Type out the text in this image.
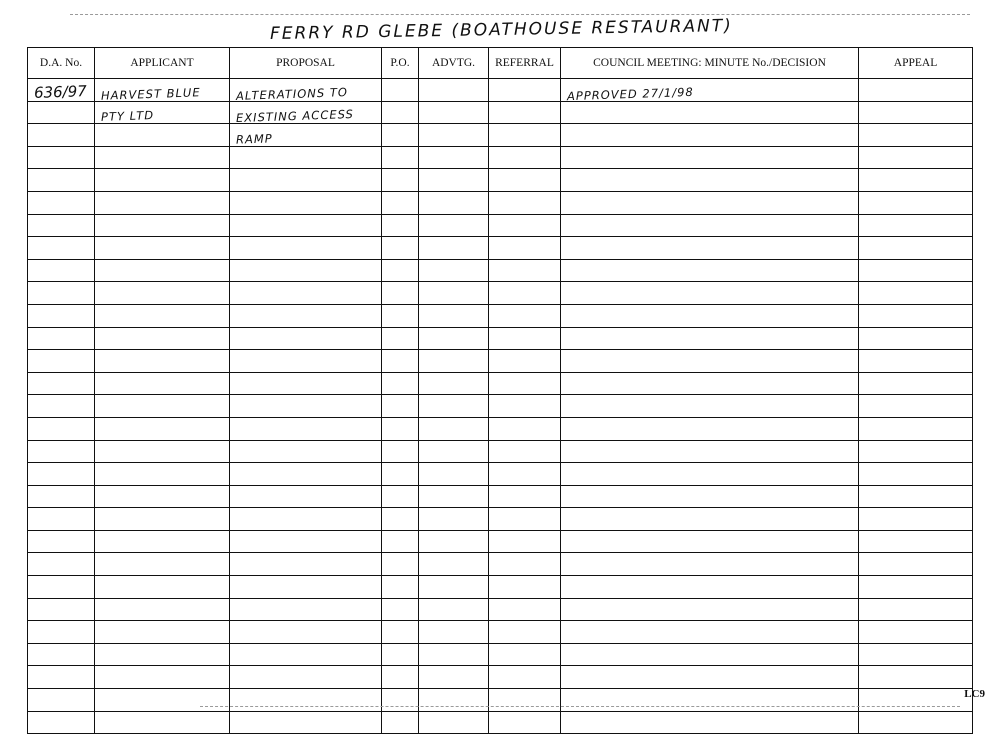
FERRY RD GLEBE (BOATHOUSE RESTAURANT)
D.A. No.	APPLICANT	PROPOSAL	P.O.	ADVTG.	REFERRAL	COUNCIL MEETING: MINUTE No./DECISION	APPEAL
636/97	HARVEST BLUE	ALTERATIONS TO				APPROVED 27/1/98	
	PTY LTD	EXISTING ACCESS					
		RAMP					

LC9
